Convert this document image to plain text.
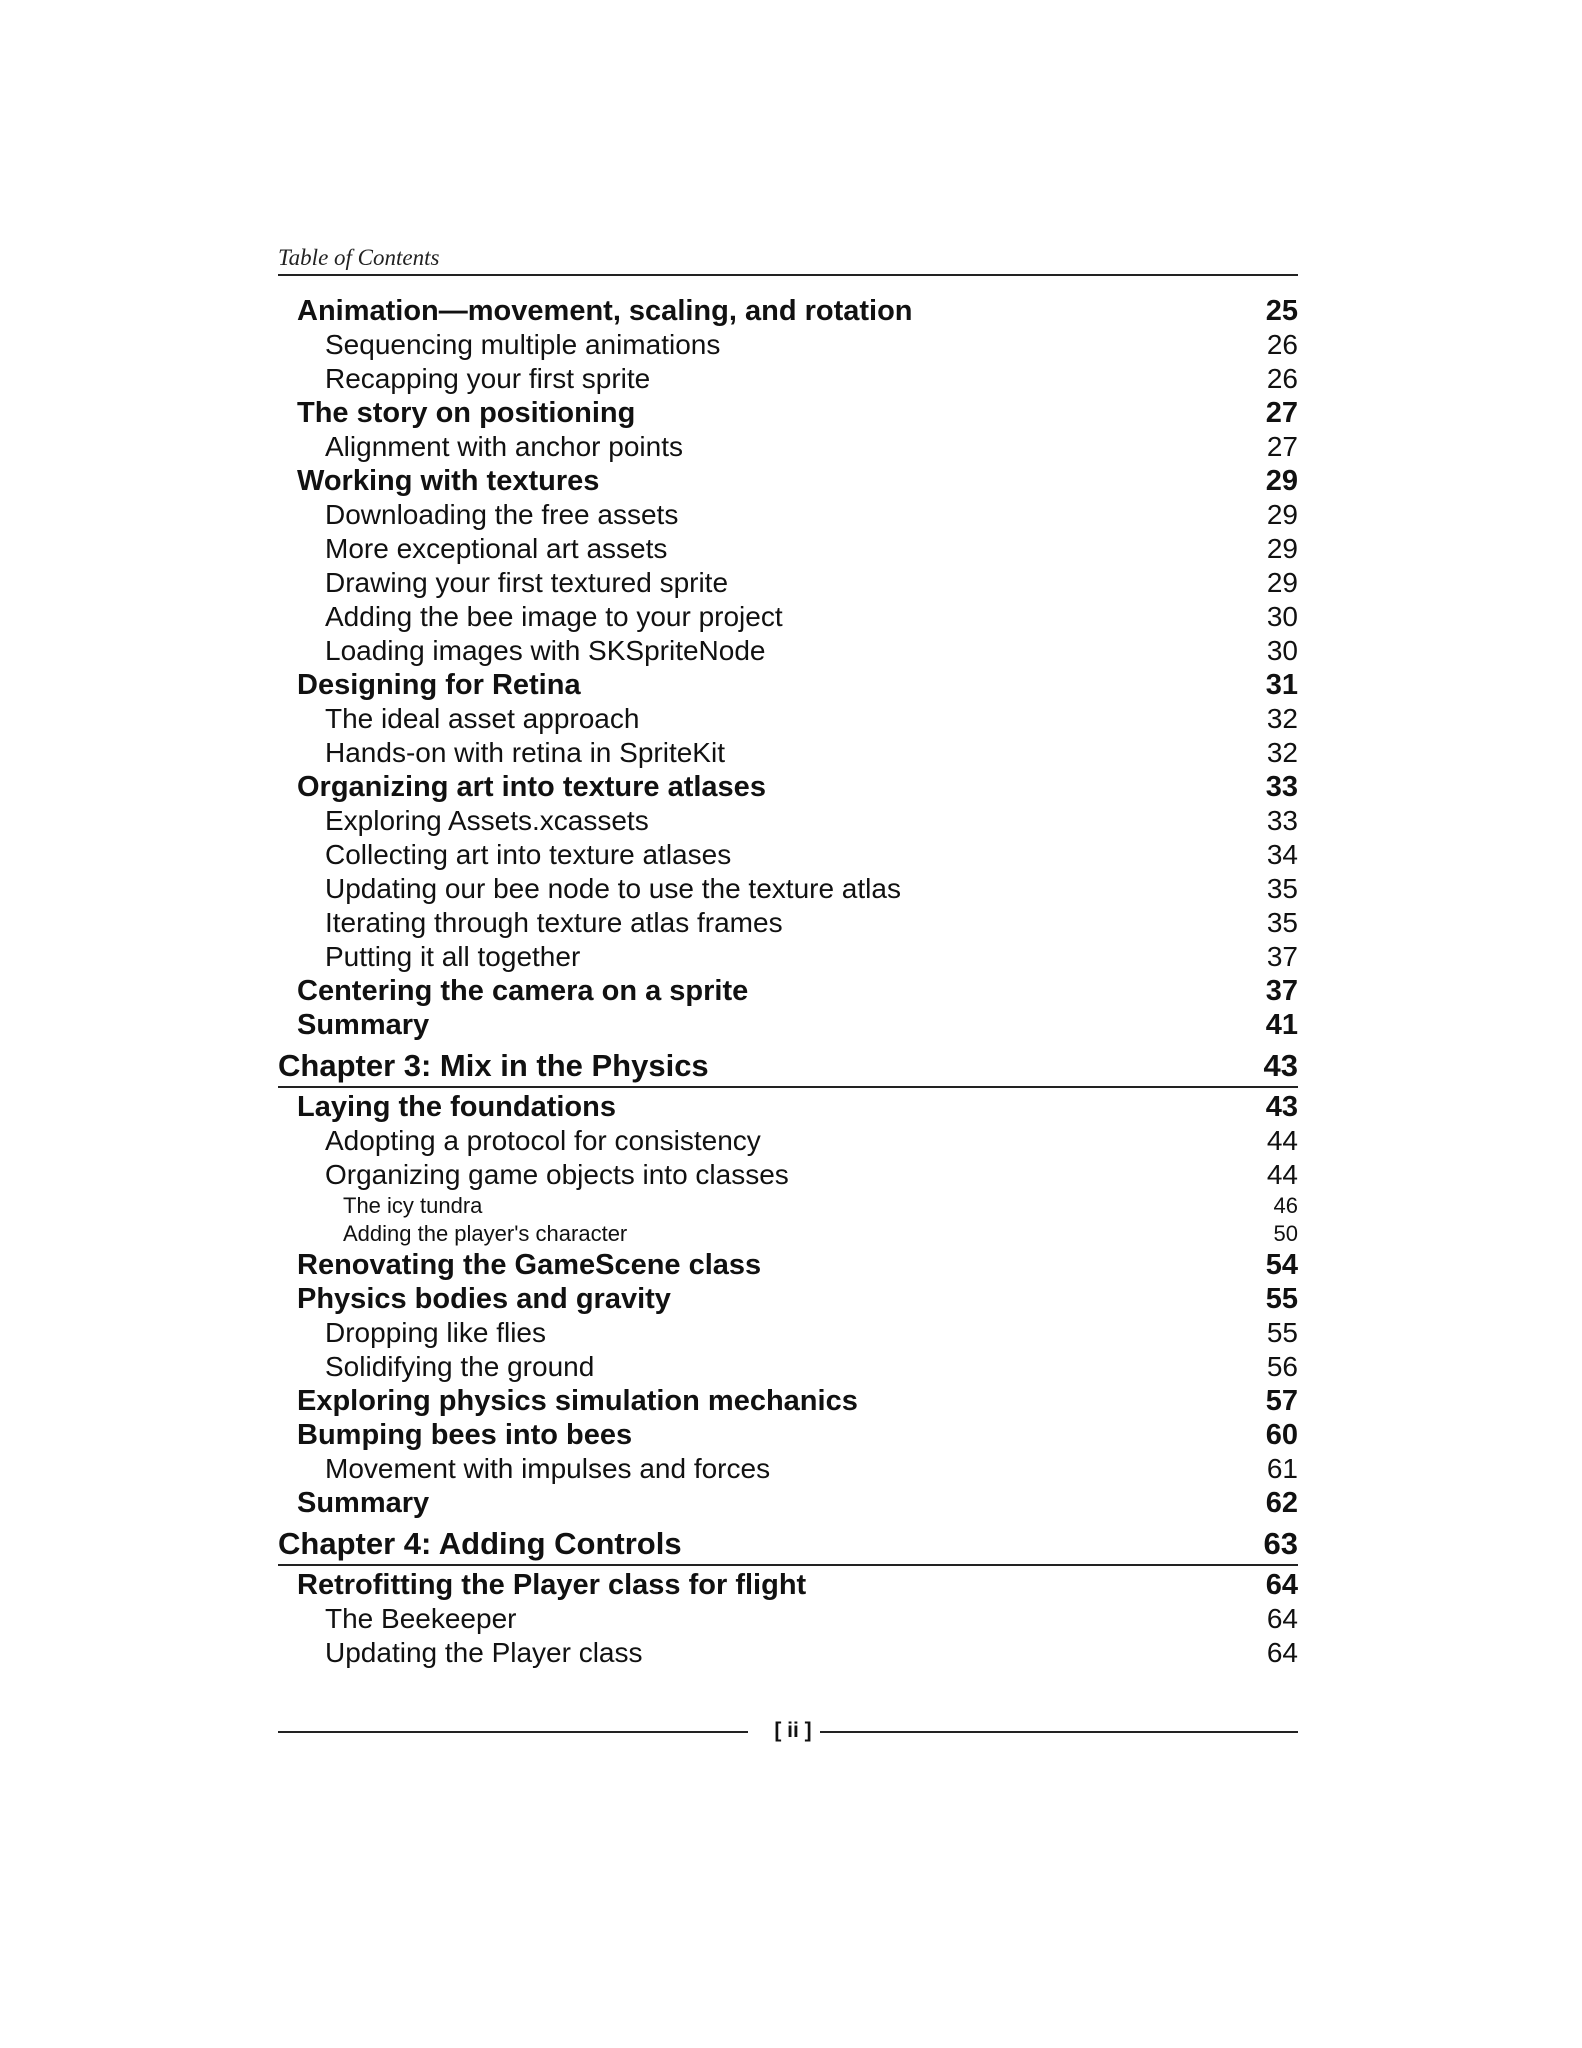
Table of Contents
Animation—movement, scaling, and rotation	25
Sequencing multiple animations	26
Recapping your first sprite	26
The story on positioning	27
Alignment with anchor points	27
Working with textures	29
Downloading the free assets	29
More exceptional art assets	29
Drawing your first textured sprite	29
Adding the bee image to your project	30
Loading images with SKSpriteNode	30
Designing for Retina	31
The ideal asset approach	32
Hands-on with retina in SpriteKit	32
Organizing art into texture atlases	33
Exploring Assets.xcassets	33
Collecting art into texture atlases	34
Updating our bee node to use the texture atlas	35
Iterating through texture atlas frames	35
Putting it all together	37
Centering the camera on a sprite	37
Summary	41
Chapter 3: Mix in the Physics	43
Laying the foundations	43
Adopting a protocol for consistency	44
Organizing game objects into classes	44
The icy tundra	46
Adding the player's character	50
Renovating the GameScene class	54
Physics bodies and gravity	55
Dropping like flies	55
Solidifying the ground	56
Exploring physics simulation mechanics	57
Bumping bees into bees	60
Movement with impulses and forces	61
Summary	62
Chapter 4: Adding Controls	63
Retrofitting the Player class for flight	64
The Beekeeper	64
Updating the Player class	64
[ ii ]
